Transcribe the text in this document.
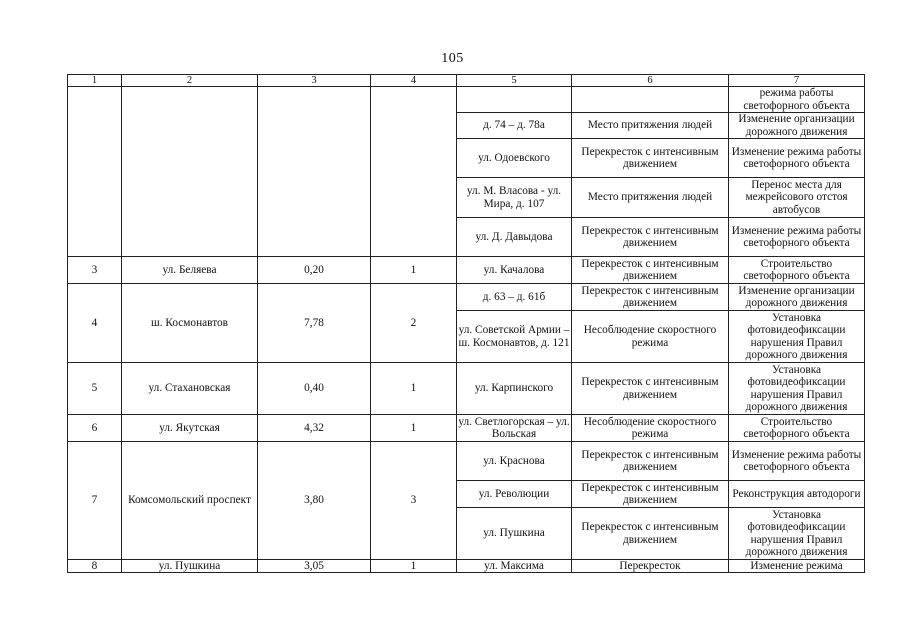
105
1	2	3	4	5	6	7
						режима работы светофорного объекта
				д. 74 – д. 78а	Место притяжения людей	Изменение организации дорожного движения
				ул. Одоевского	Перекресток с интенсивным движением	Изменение режима работы светофорного объекта
				ул. М. Власова - ул. Мира, д. 107	Место притяжения людей	Перенос места для межрейсового отстоя автобусов
				ул. Д. Давыдова	Перекресток с интенсивным движением	Изменение режима работы светофорного объекта
3	ул. Беляева	0,20	1	ул. Качалова	Перекресток с интенсивным движением	Строительство светофорного объекта
4	ш. Космонавтов	7,78	2	д. 63 – д. 61б	Перекресток с интенсивным движением	Изменение организации дорожного движения
				ул. Советской Армии – ш. Космонавтов, д. 121	Несоблюдение скоростного режима	Установка фотовидеофиксации нарушения Правил дорожного движения
5	ул. Стахановская	0,40	1	ул. Карпинского	Перекресток с интенсивным движением	Установка фотовидеофиксации нарушения Правил дорожного движения
6	ул. Якутская	4,32	1	ул. Светлогорская – ул. Вольская	Несоблюдение скоростного режима	Строительство светофорного объекта
7	Комсомольский проспект	3,80	3	ул. Краснова	Перекресток с интенсивным движением	Изменение режима работы светофорного объекта
				ул. Революции	Перекресток с интенсивным движением	Реконструкция автодороги
				ул. Пушкина	Перекресток с интенсивным движением	Установка фотовидеофиксации нарушения Правил дорожного движения
8	ул. Пушкина	3,05	1	ул. Максима	Перекресток	Изменение режима
